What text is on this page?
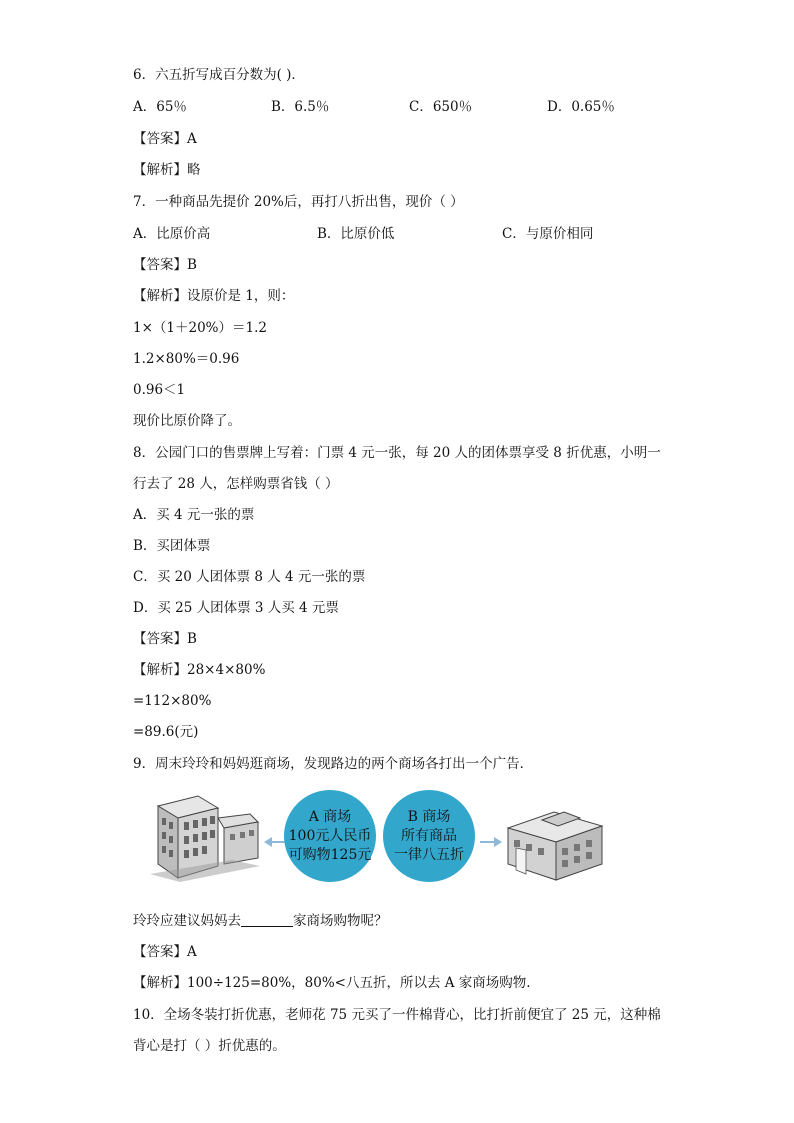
6．六五折写成百分数为( )．
A．65％	B．6.5％	C．650％	D．0.65％
【答案】A
【解析】略
7．一种商品先提价 20%后，再打八折出售，现价（ ）
A．比原价高	B．比原价低	C．与原价相同
【答案】B
【解析】设原价是 1，则：
1×（1＋20%）＝1.2
1.2×80%＝0.96
0.96＜1
现价比原价降了。
8．公园门口的售票牌上写着：门票 4 元一张，每 20 人的团体票享受 8 折优惠，小明一
行去了 28 人，怎样购票省钱（ ）
A．买 4 元一张的票
B．买团体票
C．买 20 人团体票 8 人 4 元一张的票
D．买 25 人团体票 3 人买 4 元票
【答案】B
【解析】28×4×80%
=112×80%
=89.6(元)
9．周末玲玲和妈妈逛商场，发现路边的两个商场各打出一个广告．
A 商场
100元人民币
可购物125元
B 商场
所有商品
一律八五折
玲玲应建议妈妈去	家商场购物呢？
【答案】A
【解析】100÷125=80%，80%<八五折，所以去 A 家商场购物.
10．全场冬装打折优惠，老师花 75 元买了一件棉背心，比打折前便宜了 25 元，这种棉
背心是打（ ）折优惠的。
